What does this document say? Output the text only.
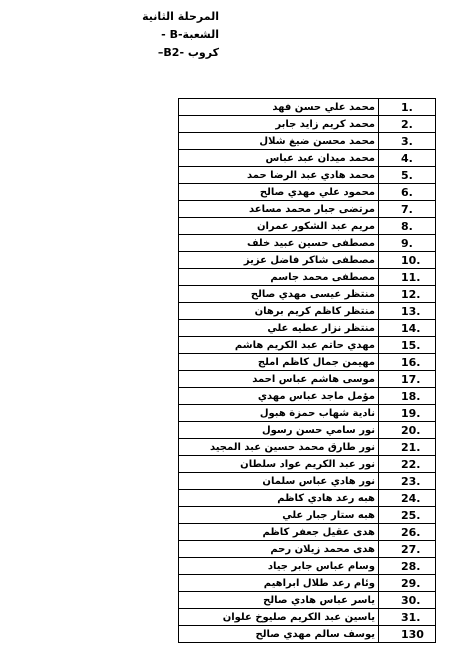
المرحلة الثانية
الشعبة-B -
كروب -B2–
محمد علي حسن فهد	1.
محمد كريم زايد جابر	2.
محمد محسن ضيغ شلال	3.
محمد ميدان عبد عباس	4.
محمد هادي عبد الرضا حمد	5.
محمود علي مهدي صالح	6.
مرتضى جبار محمد مساعد	7.
مريم عبد الشكور عمران	8.
مصطفى حسين عبيد خلف	9.
مصطفى شاكر فاضل عزيز	10.
مصطفى محمد جاسم	11.
منتظر عيسى مهدي صالح	12.
منتظر كاظم كريم برهان	13.
منتظر نزار عطيه علي	14.
مهدي حاتم عبد الكريم هاشم	15.
مهيمن جمال كاظم املج	16.
موسى هاشم عباس احمد	17.
مؤمل ماجد عباس مهدي	18.
نادية شهاب حمزة هبول	19.
نور سامي حسن رسول	20.
نور طارق محمد حسين عبد المجيد	21.
نور عبد الكريم عواد سلطان	22.
نور هادي عباس سلمان	23.
هبه رعد هادي كاظم	24.
هبه ستار جبار علي	25.
هدى عقيل جعفر كاظم	26.
هدى محمد زيلان رحم	27.
وسام عباس جابر جياد	28.
وئام رعد طلال ابراهيم	29.
ياسر عباس هادي صالح	30.
ياسين عبد الكريم صليوخ علوان	31.
يوسف سالم مهدي صالح	130
